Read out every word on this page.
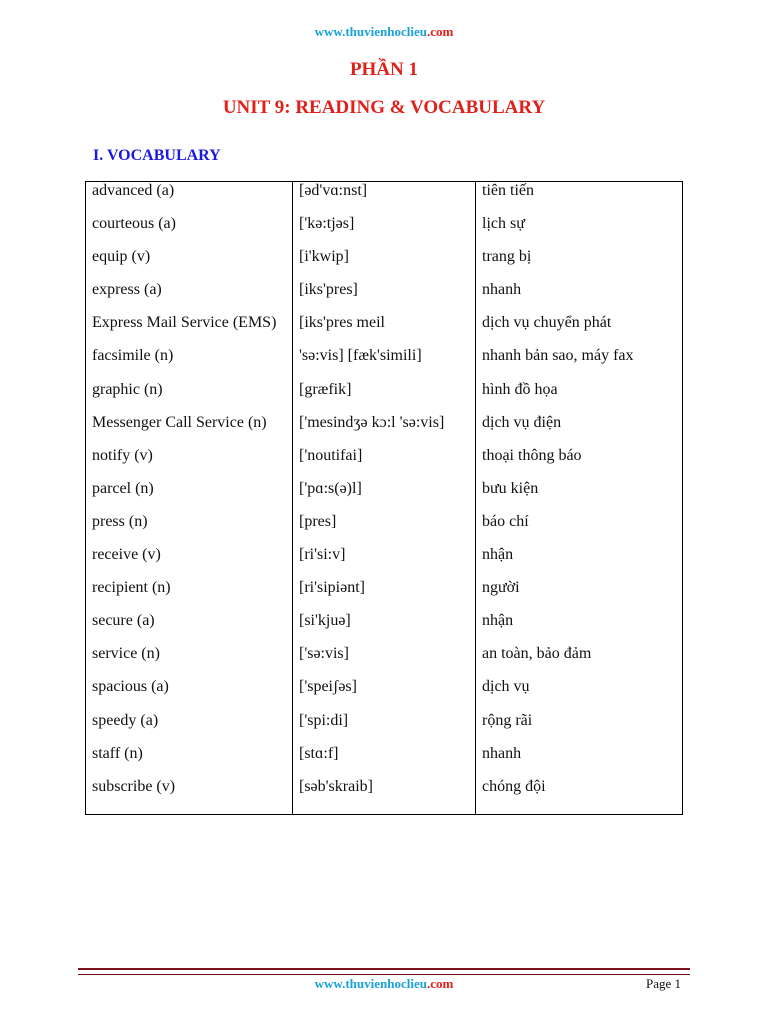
www.thuvienhoclieu.com
PHẦN 1
UNIT 9: READING & VOCABULARY
I. VOCABULARY
advanced (a)	[əd'vɑ:nst]	tiên tiến
courteous (a)	['kə:tjəs]	lịch sự
equip (v)	[i'kwip]	trang bị
express (a)	[iks'pres]	nhanh
Express Mail Service (EMS)	[iks'pres meil	dịch vụ chuyển phát
facsimile (n)	'sə:vis] [fæk'simili]	nhanh bản sao, máy fax
graphic (n)	[græfik]	hình đồ họa
Messenger Call Service (n)	['mesindʒə kɔ:l 'sə:vis]	dịch vụ điện
notify (v)	['noutifai]	thoại thông báo
parcel (n)	['pɑ:s(ə)l]	bưu kiện
press (n)	[pres]	báo chí
receive (v)	[ri'si:v]	nhận
recipient (n)	[ri'sipiənt]	người
secure (a)	[si'kjuə]	nhận
service (n)	['sə:vis]	an toàn, bảo đảm
spacious (a)	['speiʃəs]	dịch vụ
speedy (a)	['spi:di]	rộng rãi
staff (n)	[stɑ:f]	nhanh
subscribe (v)	[səb'skraib]	chóng đội
www.thuvienhoclieu.com	Page 1
